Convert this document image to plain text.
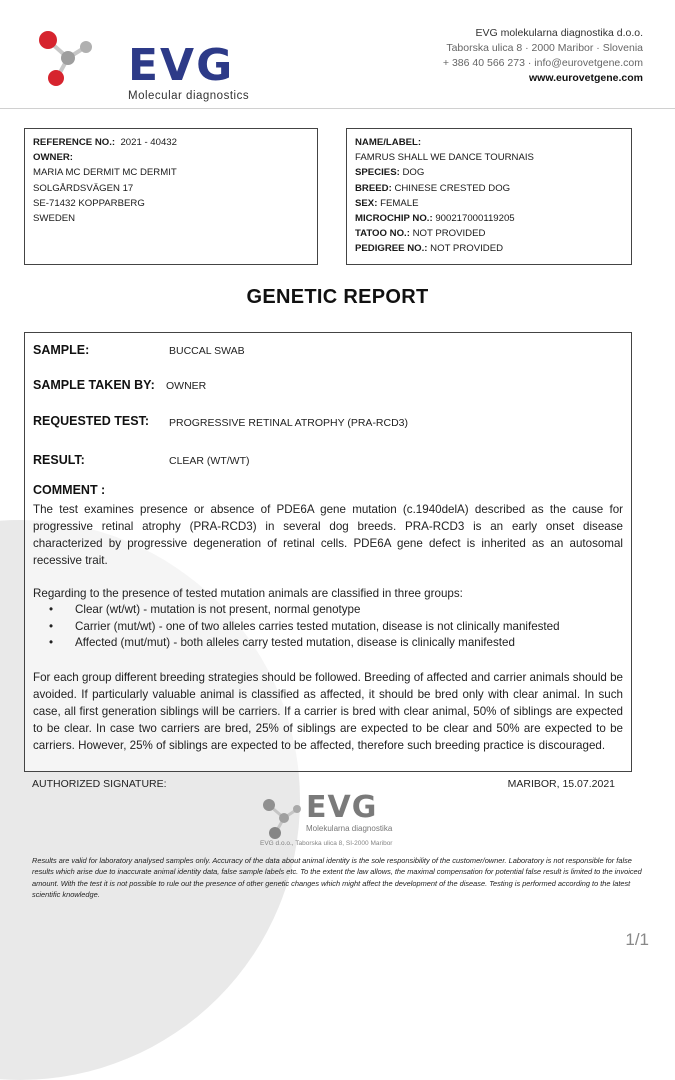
EVG
Molecular diagnostics
EVG molekularna diagnostika d.o.o.
Taborska ulica 8 · 2000 Maribor · Slovenia
+ 386 40 566 273 · info@eurovetgene.com
www.eurovetgene.com
REFERENCE NO.: 2021 - 40432
OWNER:
MARIA MC DERMIT MC DERMIT
SOLGÅRDSVÄGEN 17
SE-71432 KOPPARBERG
SWEDEN
NAME/LABEL:
FAMRUS SHALL WE DANCE TOURNAIS
SPECIES: DOG
BREED: CHINESE CRESTED DOG
SEX: FEMALE
MICROCHIP NO.: 900217000119205
TATOO NO.: NOT PROVIDED
PEDIGREE NO.: NOT PROVIDED
GENETIC REPORT
SAMPLE:	BUCCAL SWAB
SAMPLE TAKEN BY: OWNER
REQUESTED TEST: PROGRESSIVE RETINAL ATROPHY (PRA-RCD3)
RESULT:	CLEAR (WT/WT)
COMMENT :
The test examines presence or absence of PDE6A gene mutation (c.1940delA) described as the cause for progressive retinal atrophy (PRA-RCD3) in several dog breeds. PRA-RCD3 is an early onset disease characterized by progressive degeneration of retinal cells. PDE6A gene defect is inherited as an autosomal recessive trait.
Regarding to the presence of tested mutation animals are classified in three groups:
• Clear (wt/wt) - mutation is not present, normal genotype
• Carrier (mut/wt) - one of two alleles carries tested mutation, disease is not clinically manifested
• Affected (mut/mut) - both alleles carry tested mutation, disease is clinically manifested
For each group different breeding strategies should be followed. Breeding of affected and carrier animals should be avoided. If particularly valuable animal is classified as affected, it should be bred only with clear animal. In such case, all first generation siblings will be carriers. If a carrier is bred with clear animal, 50% of siblings are expected to be clear. In case two carriers are bred, 25% of siblings are expected to be clear and 50% are expected to be carriers. However, 25% of siblings are expected to be affected, therefore such breeding practice is discouraged.
AUTHORIZED SIGNATURE:	MARIBOR, 15.07.2021
EVG
Molekularna diagnostika
EVG d.o.o., Taborska ulica 8, SI-2000 Maribor
Results are valid for laboratory analysed samples only. Accuracy of the data about animal identity is the sole responsibility of the customer/owner. Laboratory is not responsible for false results which arise due to inaccurate animal identity data, false sample labels etc. To the extent the law allows, the maximal compensation for potential false result is limited to the invoiced amount. With the test it is not possible to rule out the presence of other genetic changes which might affect the development of the disease. Testing is performed according to the latest scientific knowledge.
1/1
